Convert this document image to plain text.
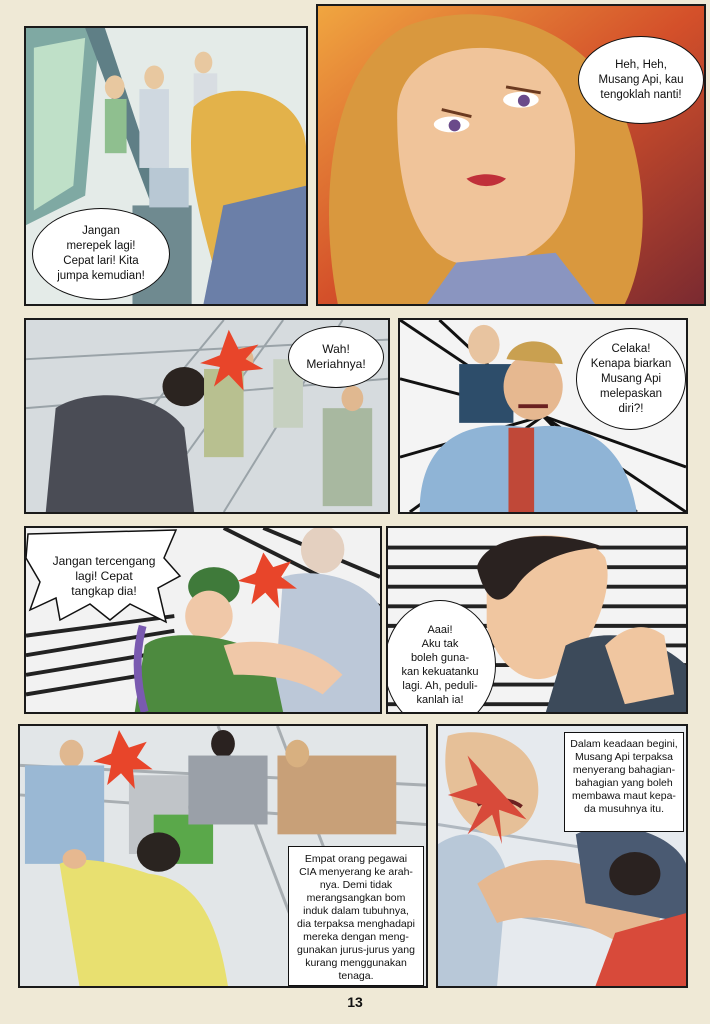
Jangan
merepek lagi!
Cepat lari! Kita
jumpa kemudian!
Heh, Heh,
Musang Api, kau
tengoklah nanti!
Wah!
Meriahnya!
Celaka!
Kenapa biarkan
Musang Api
melepaskan
diri?!
Jangan tercengang
lagi! Cepat
tangkap dia!
Aaai!
Aku tak
boleh guna-
kan kekuatanku
lagi. Ah, peduli-
kanlah ia!
Empat orang pegawai
CIA menyerang ke arah-
nya. Demi tidak
merangsangkan bom
induk dalam tubuhnya,
dia terpaksa menghadapi
mereka dengan meng-
gunakan jurus-jurus yang
kurang menggunakan
tenaga.
Dalam keadaan begini,
Musang Api terpaksa
menyerang bahagian-
bahagian yang boleh
membawa maut kepa-
da musuhnya itu.
13
